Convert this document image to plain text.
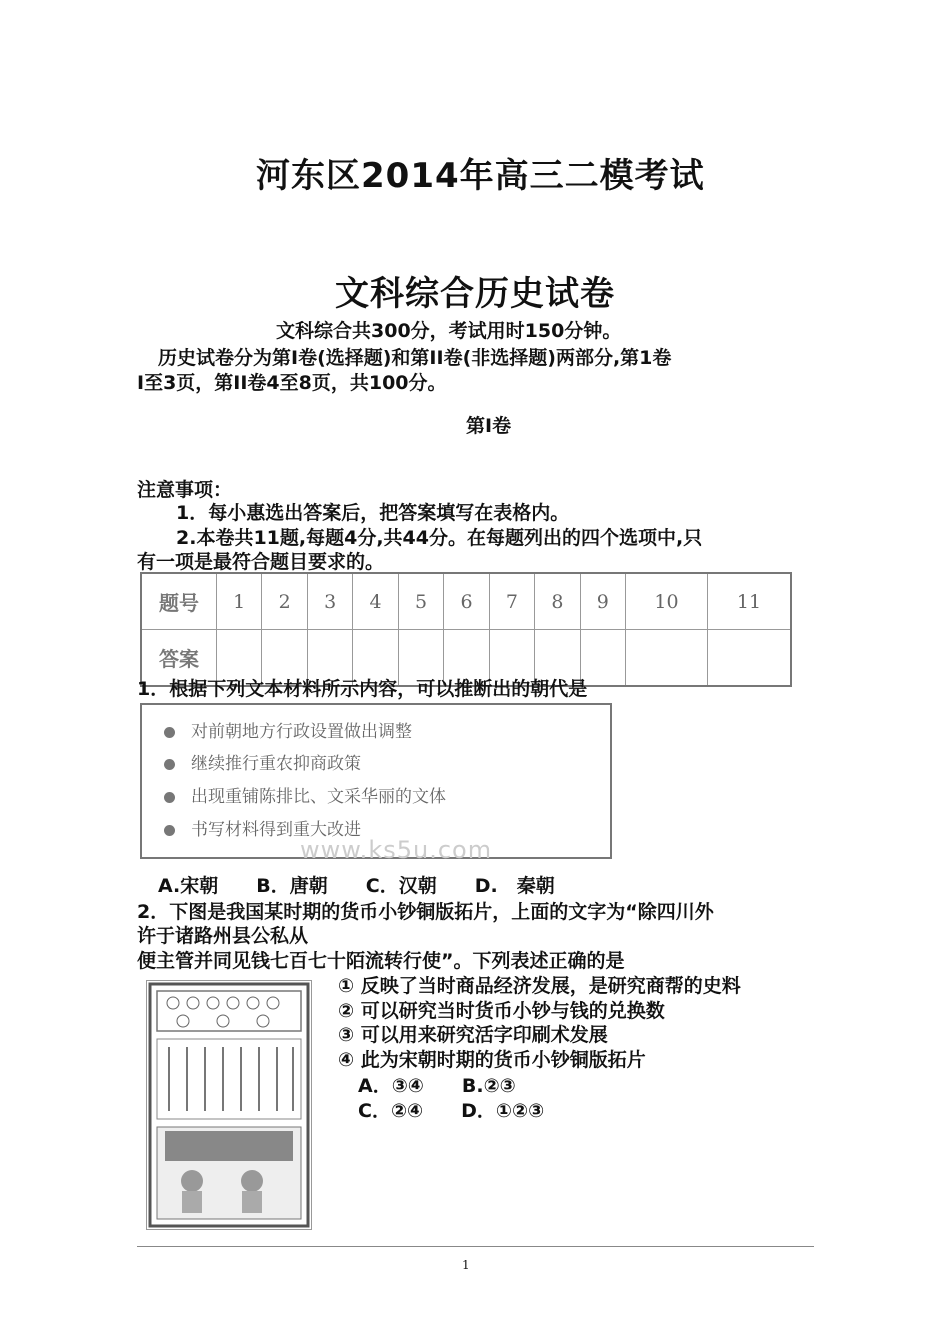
河东区2014年高三二模考试
文科综合历史试卷
文科综合共300分，考试用时150分钟。
历史试卷分为第Ⅰ卷(选择题)和第ⅠⅠ卷(非选择题)两部分,第1卷
Ⅰ至3页，第ⅠⅠ卷4至8页，共100分。
第Ⅰ卷
注意事项：
1．每小惠选出答案后，把答案填写在表格内。
2.本卷共11题,每题4分,共44分。在每题列出的四个选项中,只
有一项是最符合题目要求的。
题号	1	2	3	4	5	6	7	8	9	10	11
答案											
1．根据下列文本材料所示内容，可以推断出的朝代是
对前朝地方行政设置做出调整
继续推行重农抑商政策
出现重铺陈排比、文采华丽的文体
书写材料得到重大改进
www.ks5u.com
A.宋朝　　B．唐朝　　C．汉朝　　D.　秦朝
2．下图是我国某时期的货币小钞铜版拓片，上面的文字为“除四川外
许于诸路州县公私从
便主管并同见钱七百七十陌流转行使”。下列表述正确的是
① 反映了当时商品经济发展，是研究商帮的史料
② 可以研究当时货币小钞与钱的兑换数
③ 可以用来研究活字印刷术发展
④ 此为宋朝时期的货币小钞铜版拓片
A．③④　　B.②③
C．②④　　D．①②③
1
